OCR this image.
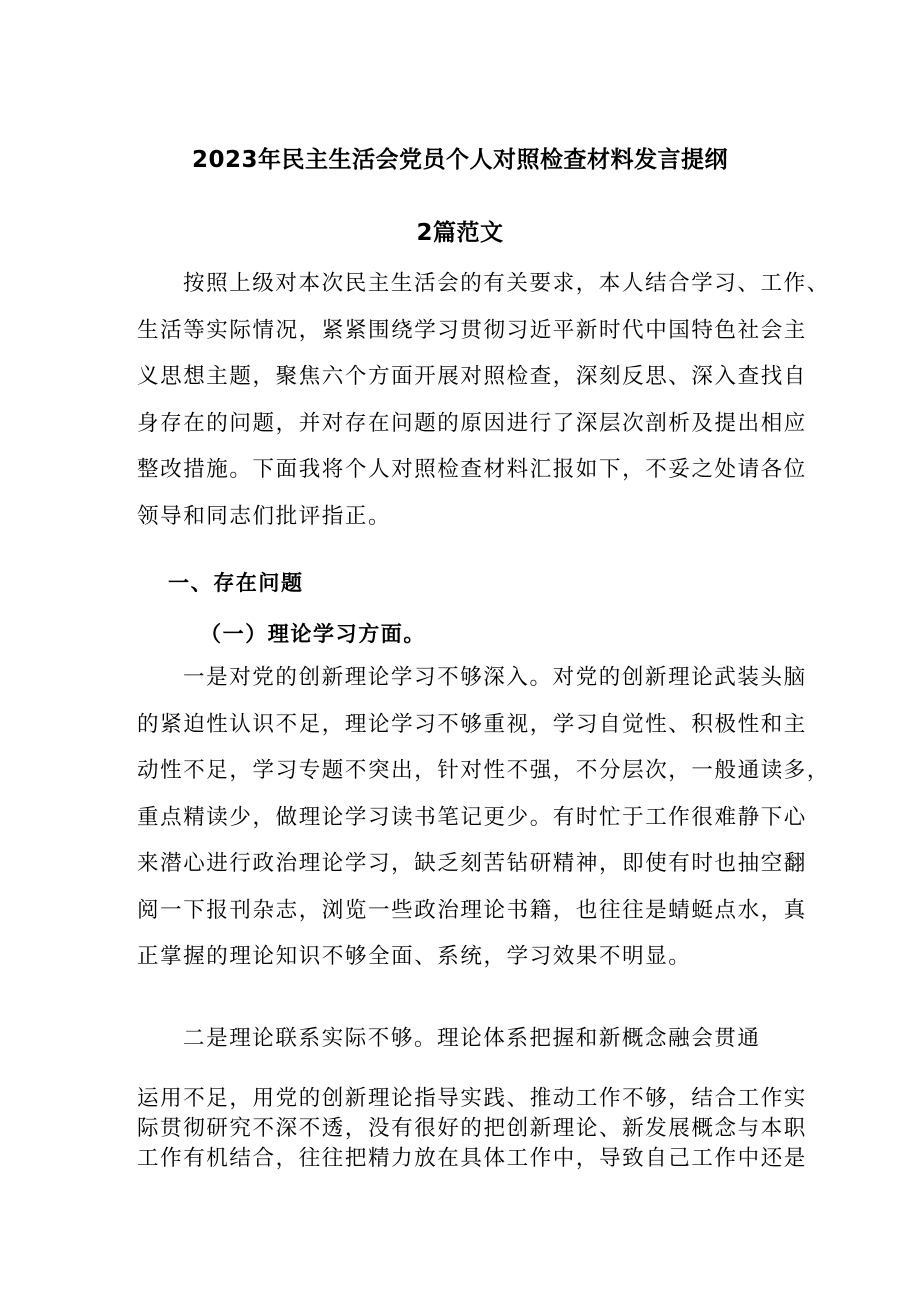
2023年民主生活会党员个人对照检查材料发言提纲
2篇范文
按照上级对本次民主生活会的有关要求，本人结合学习、工作、
生活等实际情况，紧紧围绕学习贯彻习近平新时代中国特色社会主
义思想主题，聚焦六个方面开展对照检查，深刻反思、深入查找自
身存在的问题，并对存在问题的原因进行了深层次剖析及提出相应
整改措施。下面我将个人对照检查材料汇报如下，不妥之处请各位
领导和同志们批评指正。
一、存在问题
（一）理论学习方面。
一是对党的创新理论学习不够深入。对党的创新理论武装头脑
的紧迫性认识不足，理论学习不够重视，学习自觉性、积极性和主
动性不足，学习专题不突出，针对性不强，不分层次，一般通读多，
重点精读少，做理论学习读书笔记更少。有时忙于工作很难静下心
来潜心进行政治理论学习，缺乏刻苦钻研精神，即使有时也抽空翻
阅一下报刊杂志，浏览一些政治理论书籍，也往往是蜻蜓点水，真
正掌握的理论知识不够全面、系统，学习效果不明显。
二是理论联系实际不够。理论体系把握和新概念融会贯通
运用不足，用党的创新理论指导实践、推动工作不够，结合工作实
际贯彻研究不深不透，没有很好的把创新理论、新发展概念与本职
工作有机结合，往往把精力放在具体工作中，导致自己工作中还是
